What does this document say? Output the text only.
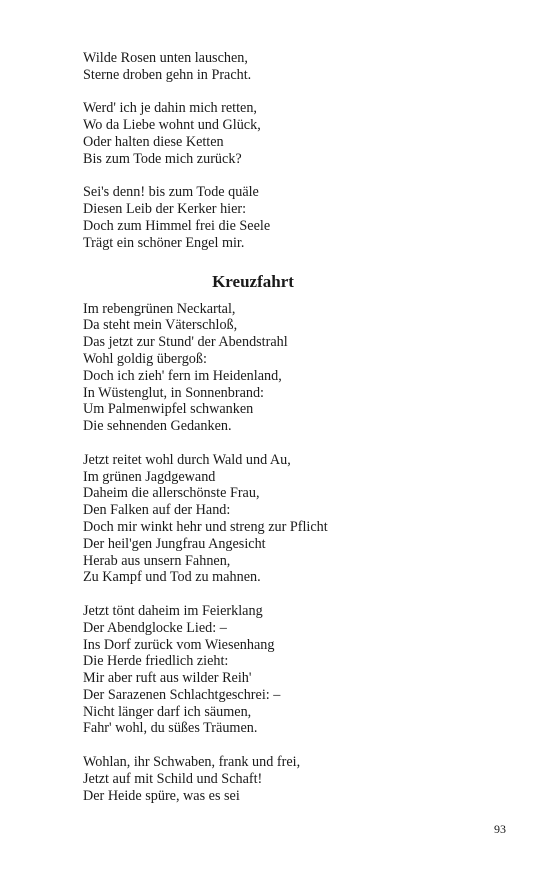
Wilde Rosen unten lauschen,
Sterne droben gehn in Pracht.
Werd' ich je dahin mich retten,
Wo da Liebe wohnt und Glück,
Oder halten diese Ketten
Bis zum Tode mich zurück?
Sei's denn! bis zum Tode quäle
Diesen Leib der Kerker hier:
Doch zum Himmel frei die Seele
Trägt ein schöner Engel mir.
Kreuzfahrt
Im rebengrünen Neckartal,
Da steht mein Väterschloß,
Das jetzt zur Stund' der Abendstrahl
Wohl goldig übergoß:
Doch ich zieh' fern im Heidenland,
In Wüstenglut, in Sonnenbrand:
Um Palmenwipfel schwanken
Die sehnenden Gedanken.
Jetzt reitet wohl durch Wald und Au,
Im grünen Jagdgewand
Daheim die allerschönste Frau,
Den Falken auf der Hand:
Doch mir winkt hehr und streng zur Pflicht
Der heil'gen Jungfrau Angesicht
Herab aus unsern Fahnen,
Zu Kampf und Tod zu mahnen.
Jetzt tönt daheim im Feierklang
Der Abendglocke Lied: –
Ins Dorf zurück vom Wiesenhang
Die Herde friedlich zieht:
Mir aber ruft aus wilder Reih'
Der Sarazenen Schlachtgeschrei: –
Nicht länger darf ich säumen,
Fahr' wohl, du süßes Träumen.
Wohlan, ihr Schwaben, frank und frei,
Jetzt auf mit Schild und Schaft!
Der Heide spüre, was es sei
93
